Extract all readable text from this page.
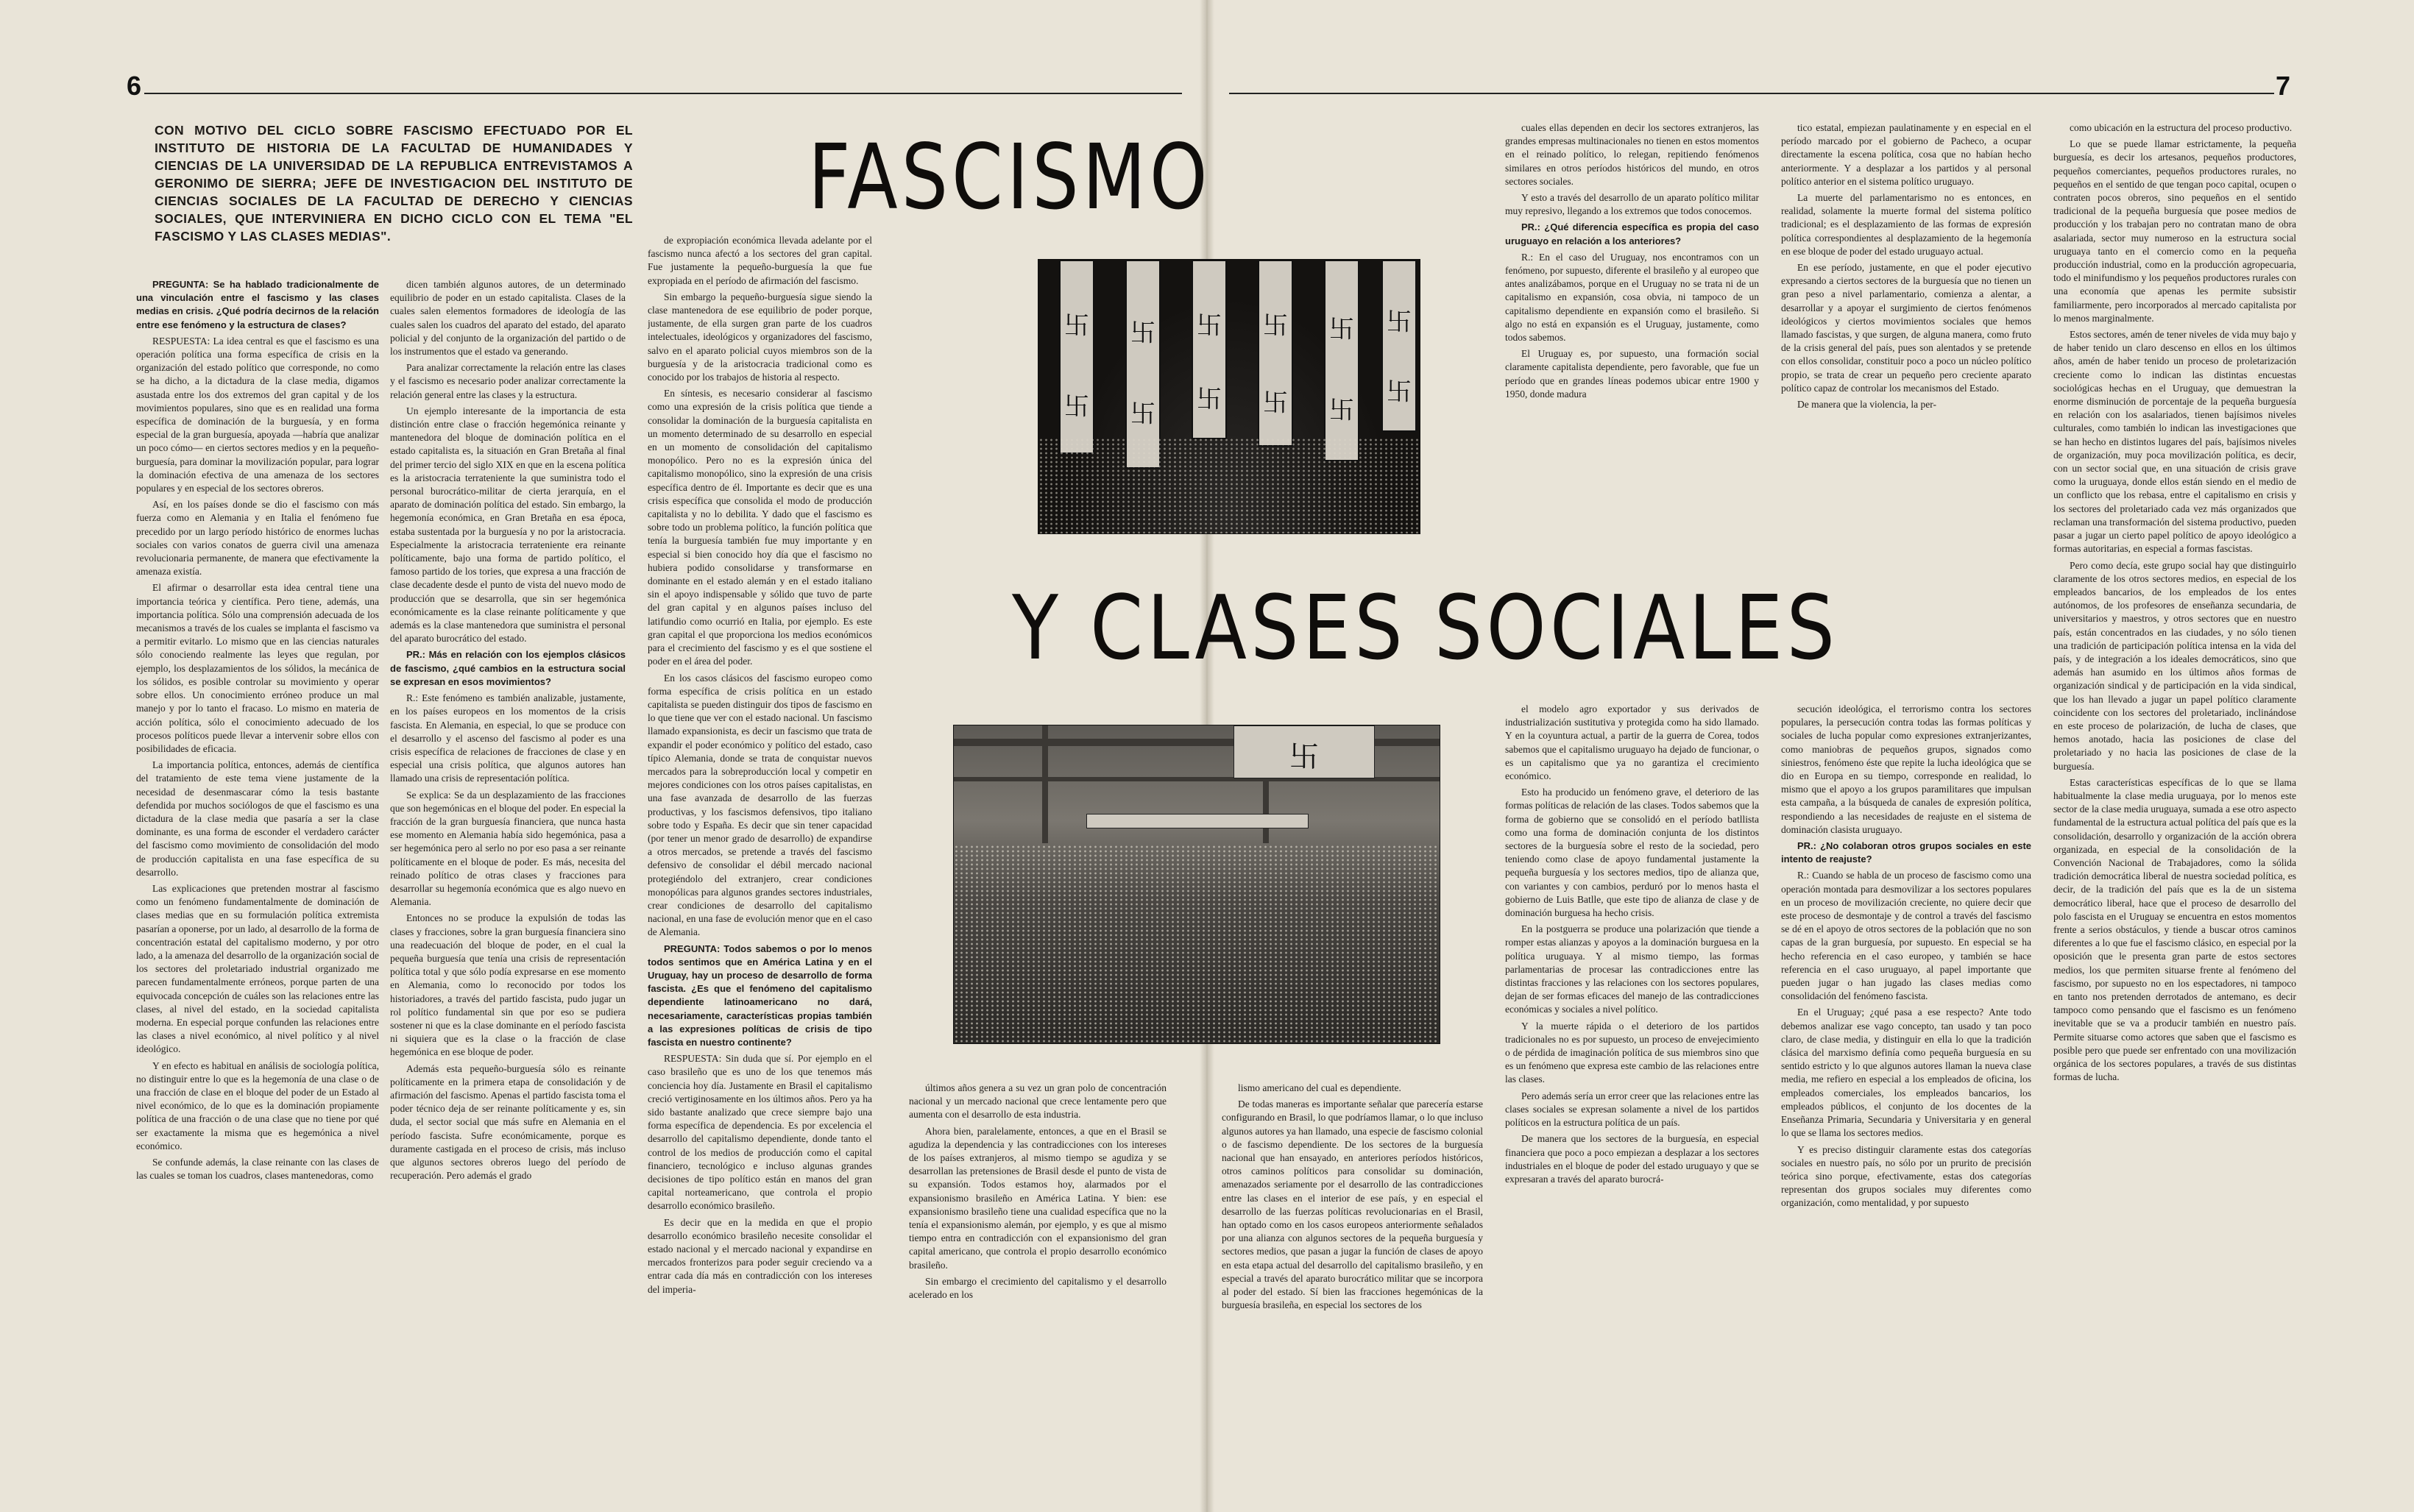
6	7
CON MOTIVO DEL CICLO SOBRE FASCISMO EFECTUADO POR EL INSTITUTO DE HISTORIA DE LA FACULTAD DE HUMANIDADES Y CIENCIAS DE LA UNIVERSIDAD DE LA REPUBLICA ENTREVISTAMOS A GERONIMO DE SIERRA; JEFE DE INVESTIGACION DEL INSTITUTO DE CIENCIAS SOCIALES DE LA FACULTAD DE DERECHO Y CIENCIAS SOCIALES, QUE INTERVINIERA EN DICHO CICLO CON EL TEMA "EL FASCISMO Y LAS CLASES MEDIAS".
FASCISMO
Y CLASES SOCIALES
卐
卐
卐
卐
卐
卐
卐
卐
卐
卐
卐
卐
卐

PREGUNTA: Se ha hablado tradicionalmente de una vinculación entre el fascismo y las clases medias en crisis. ¿Qué podría decirnos de la relación entre ese fenómeno y la estructura de clases?

RESPUESTA: La idea central es que el fascismo es una operación política una forma específica de crisis en la organización del estado político que corresponde, no como se ha dicho, a la dictadura de la clase media, digamos asustada entre los dos extremos del gran capital y de los movimientos populares, sino que es en realidad una forma específica de dominación de la burguesía, y en forma especial de la gran burguesía, apoyada —habría que analizar un poco cómo— en ciertos sectores medios y en la pequeño-burguesía, para dominar la movilización popular, para lograr la dominación efectiva de una amenaza de los sectores populares y en especial de los sectores obreros.

Así, en los países donde se dio el fascismo con más fuerza como en Alemania y en Italia el fenómeno fue precedido por un largo período histórico de enormes luchas sociales con varios conatos de guerra civil una amenaza revolucionaria permanente, de manera que efectivamente la amenaza existía.

El afirmar o desarrollar esta idea central tiene una importancia teórica y científica. Pero tiene, además, una importancia política. Sólo una comprensión adecuada de los mecanismos a través de los cuales se implanta el fascismo va a permitir evitarlo. Lo mismo que en las ciencias naturales sólo conociendo realmente las leyes que regulan, por ejemplo, los desplazamientos de los sólidos, la mecánica de los sólidos, es posible controlar su movimiento y operar sobre ellos. Un conocimiento erróneo produce un mal manejo y por lo tanto el fracaso. Lo mismo en materia de acción política, sólo el conocimiento adecuado de los procesos políticos puede llevar a intervenir sobre ellos con posibilidades de eficacia.

La importancia política, entonces, además de científica del tratamiento de este tema viene justamente de la necesidad de desenmascarar cómo la tesis bastante defendida por muchos sociólogos de que el fascismo es una dictadura de la clase media que pasaría a ser la clase dominante, es una forma de esconder el verdadero carácter del fascismo como movimiento de consolidación del modo de producción capitalista en una fase específica de su desarrollo.

Las explicaciones que pretenden mostrar al fascismo como un fenómeno fundamentalmente de dominación de clases medias que en su formulación política extremista pasarían a oponerse, por un lado, al desarrollo de la forma de concentración estatal del capitalismo moderno, y por otro lado, a la amenaza del desarrollo de la organización social de los sectores del proletariado industrial organizado me parecen fundamentalmente erróneos, porque parten de una equivocada concepción de cuáles son las relaciones entre las clases, al nivel del estado, en la sociedad capitalista moderna. En especial porque confunden las relaciones entre las clases a nivel económico, al nivel político y al nivel ideológico.

Y en efecto es habitual en análisis de sociología política, no distinguir entre lo que es la hegemonía de una clase o de una fracción de clase en el bloque del poder de un Estado al nivel económico, de lo que es la dominación propiamente política de una fracción o de una clase que no tiene por qué ser exactamente la misma que es hegemónica a nivel económico.

Se confunde además, la clase reinante con las clases de las cuales se toman los cuadros, clases mantenedoras, como

dicen también algunos autores, de un determinado equilibrio de poder en un estado capitalista. Clases de la cuales salen elementos formadores de ideología de las cuales salen los cuadros del aparato del estado, del aparato policial y del conjunto de la organización del partido o de los instrumentos que el estado va generando.

Para analizar correctamente la relación entre las clases y el fascismo es necesario poder analizar correctamente la relación general entre las clases y la estructura.

Un ejemplo interesante de la importancia de esta distinción entre clase o fracción hegemónica reinante y mantenedora del bloque de dominación política en el estado capitalista es, la situación en Gran Bretaña al final del primer tercio del siglo XIX en que en la escena política es la aristocracia terrateniente la que suministra todo el personal burocrático-militar de cierta jerarquía, en el aparato de dominación política del estado. Sin embargo, la hegemonía económica, en Gran Bretaña en esa época, estaba sustentada por la burguesía y no por la aristocracia. Especialmente la aristocracia terrateniente era reinante políticamente, bajo una forma de partido político, el famoso partido de los tories, que expresa a una fracción de clase decadente desde el punto de vista del nuevo modo de producción que se desarrolla, que sin ser hegemónica económicamente es la clase reinante políticamente y que además es la clase mantenedora que suministra el personal del aparato burocrático del estado.

PR.: Más en relación con los ejemplos clásicos de fascismo, ¿qué cambios en la estructura social se expresan en esos movimientos?

R.: Este fenómeno es también analizable, justamente, en los países europeos en los momentos de la crisis fascista. En Alemania, en especial, lo que se produce con el desarrollo y el ascenso del fascismo al poder es una crisis específica de relaciones de fracciones de clase y en especial una crisis política, que algunos autores han llamado una crisis de representación política.

Se explica: Se da un desplazamiento de las fracciones que son hegemónicas en el bloque del poder. En especial la fracción de la gran burguesía financiera, que nunca hasta ese momento en Alemania había sido hegemónica, pasa a ser hegemónica pero al serlo no por eso pasa a ser reinante políticamente en el bloque de poder. Es más, necesita del reinado político de otras clases y fracciones para desarrollar su hegemonía económica que es algo nuevo en Alemania.

Entonces no se produce la expulsión de todas las clases y fracciones, sobre la gran burguesía financiera sino una readecuación del bloque de poder, en el cual la pequeña burguesía que tenía una crisis de representación política total y que sólo podía expresarse en ese momento en Alemania, como lo reconocido por todos los historiadores, a través del partido fascista, pudo jugar un rol político fundamental sin que por eso se pudiera sostener ni que es la clase dominante en el período fascista ni siquiera que es la clase o la fracción de clase hegemónica en ese bloque de poder.

Además esta pequeño-burguesía sólo es reinante políticamente en la primera etapa de consolidación y de afirmación del fascismo. Apenas el partido fascista toma el poder técnico deja de ser reinante políticamente y es, sin duda, el sector social que más sufre en Alemania en el período fascista. Sufre económicamente, porque es duramente castigada en el proceso de crisis, más incluso que algunos sectores obreros luego del período de recuperación. Pero además el grado

de expropiación económica llevada adelante por el fascismo nunca afectó a los sectores del gran capital. Fue justamente la pequeño-burguesía la que fue expropiada en el período de afirmación del fascismo.

Sin embargo la pequeño-burguesía sigue siendo la clase mantenedora de ese equilibrio de poder porque, justamente, de ella surgen gran parte de los cuadros intelectuales, ideológicos y organizadores del fascismo, salvo en el aparato policial cuyos miembros son de la burguesía y de la aristocracia tradicional como es conocido por los trabajos de historia al respecto.

En síntesis, es necesario considerar al fascismo como una expresión de la crisis política que tiende a consolidar la dominación de la burguesía capitalista en un momento determinado de su desarrollo en especial en un momento de consolidación del capitalismo monopólico. Pero no es la expresión única del capitalismo monopólico, sino la expresión de una crisis específica dentro de él. Importante es decir que es una crisis específica que consolida el modo de producción capitalista y no lo debilita. Y dado que el fascismo es sobre todo un problema político, la función política que tenía la burguesía también fue muy importante y en especial si bien conocido hoy día que el fascismo no hubiera podido consolidarse y transformarse en dominante en el estado alemán y en el estado italiano sin el apoyo indispensable y sólido que tuvo de parte del gran capital y en algunos países incluso del latifundio como ocurrió en Italia, por ejemplo. Es este gran capital el que proporciona los medios económicos para el crecimiento del fascismo y es el que sostiene el poder en el área del poder.

En los casos clásicos del fascismo europeo como forma específica de crisis política en un estado capitalista se pueden distinguir dos tipos de fascismo en lo que tiene que ver con el estado nacional. Un fascismo llamado expansionista, es decir un fascismo que trata de expandir el poder económico y político del estado, caso típico Alemania, donde se trata de conquistar nuevos mercados para la sobreproducción local y competir en mejores condiciones con los otros países capitalistas, en una fase avanzada de desarrollo de las fuerzas productivas, y los fascismos defensivos, tipo italiano sobre todo y España. Es decir que sin tener capacidad (por tener un menor grado de desarrollo) de expandirse a otros mercados, se pretende a través del fascismo defensivo de consolidar el débil mercado nacional protegiéndolo del extranjero, crear condiciones monopólicas para algunos grandes sectores industriales, crear condiciones de desarrollo del capitalismo nacional, en una fase de evolución menor que en el caso de Alemania.

PREGUNTA: Todos sabemos o por lo menos todos sentimos que en América Latina y en el Uruguay, hay un proceso de desarrollo de forma fascista. ¿Es que el fenómeno del capitalismo dependiente latinoamericano no dará, necesariamente, características propias también a las expresiones políticas de crisis de tipo fascista en nuestro continente?

RESPUESTA: Sin duda que sí. Por ejemplo en el caso brasileño que es uno de los que tenemos más conciencia hoy día. Justamente en Brasil el capitalismo creció vertiginosamente en los últimos años. Pero ya ha sido bastante analizado que crece siempre bajo una forma específica de dependencia. Es por excelencia el desarrollo del capitalismo dependiente, donde tanto el control de los medios de producción como el capital financiero, tecnológico e incluso algunas grandes decisiones de tipo político están en manos del gran capital norteamericano, que controla el propio desarrollo económico brasileño.

Es decir que en la medida en que el propio desarrollo económico brasileño necesite consolidar el estado nacional y el mercado nacional y expandirse en mercados fronterizos para poder seguir creciendo va a entrar cada día más en contradicción con los intereses del imperia-

últimos años genera a su vez un gran polo de concentración nacional y un mercado nacional que crece lentamente pero que aumenta con el desarrollo de esta industria.

Ahora bien, paralelamente, entonces, a que en el Brasil se agudiza la dependencia y las contradicciones con los intereses de los países extranjeros, al mismo tiempo se agudiza y se desarrollan las pretensiones de Brasil desde el punto de vista de su expansión. Todos estamos hoy, alarmados por el expansionismo brasileño en América Latina. Y bien: ese expansionismo brasileño tiene una cualidad específica que no la tenía el expansionismo alemán, por ejemplo, y es que al mismo tiempo entra en contradicción con el expansionismo del gran capital americano, que controla el propio desarrollo económico brasileño.

Sin embargo el crecimiento del capitalismo y el desarrollo acelerado en los

lismo americano del cual es dependiente.

De todas maneras es importante señalar que parecería estarse configurando en Brasil, lo que podríamos llamar, o lo que incluso algunos autores ya han llamado, una especie de fascismo colonial o de fascismo dependiente. De los sectores de la burguesía nacional que han ensayado, en anteriores períodos históricos, otros caminos políticos para consolidar su dominación, amenazados seriamente por el desarrollo de las contradicciones entre las clases en el interior de ese país, y en especial el desarrollo de las fuerzas políticas revolucionarias en el Brasil, han optado como en los casos europeos anteriormente señalados por una alianza con algunos sectores de la pequeña burguesía y sectores medios, que pasan a jugar la función de clases de apoyo en esta etapa actual del desarrollo del capitalismo brasileño, y en especial a través del aparato burocrático militar que se incorpora al poder del estado. Sí bien las fracciones hegemónicas de la burguesía brasileña, en especial los sectores de los

cuales ellas dependen en decir los sectores extranjeros, las grandes empresas multinacionales no tienen en estos momentos en el reinado político, lo relegan, repitiendo fenómenos similares en otros períodos históricos del mundo, en otros sectores sociales.

Y esto a través del desarrollo de un aparato político militar muy represivo, llegando a los extremos que todos conocemos.

PR.: ¿Qué diferencia específica es propia del caso uruguayo en relación a los anteriores?

R.: En el caso del Uruguay, nos encontramos con un fenómeno, por supuesto, diferente el brasileño y al europeo que antes analizábamos, porque en el Uruguay no se trata ni de un capitalismo en expansión, cosa obvia, ni tampoco de un capitalismo dependiente en expansión como el brasileño. Si algo no está en expansión es el Uruguay, justamente, como todos sabemos.

El Uruguay es, por supuesto, una formación social claramente capitalista dependiente, pero favorable, que fue un período que en grandes líneas podemos ubicar entre 1900 y 1950, donde madura

el modelo agro exportador y sus derivados de industrialización sustitutiva y protegida como ha sido llamado. Y en la coyuntura actual, a partir de la guerra de Corea, todos sabemos que el capitalismo uruguayo ha dejado de funcionar, o es un capitalismo que ya no garantiza el crecimiento económico.

Esto ha producido un fenómeno grave, el deterioro de las formas políticas de relación de las clases. Todos sabemos que la forma de gobierno que se consolidó en el período batllista como una forma de dominación conjunta de los distintos sectores de la burguesía sobre el resto de la sociedad, pero teniendo como clase de apoyo fundamental justamente la pequeña burguesía y los sectores medios, tipo de alianza que, con variantes y con cambios, perduró por lo menos hasta el gobierno de Luis Batlle, que este tipo de alianza de clase y de dominación burguesa ha hecho crisis.

En la postguerra se produce una polarización que tiende a romper estas alianzas y apoyos a la dominación burguesa en la política uruguaya. Y al mismo tiempo, las formas parlamentarias de procesar las contradicciones entre las distintas fracciones y las relaciones con los sectores populares, dejan de ser formas eficaces del manejo de las contradicciones económicas y sociales a nivel político.

Y la muerte rápida o el deterioro de los partidos tradicionales no es por supuesto, un proceso de envejecimiento o de pérdida de imaginación política de sus miembros sino que es un fenómeno que expresa este cambio de las relaciones entre las clases.

Pero además sería un error creer que las relaciones entre las clases sociales se expresan solamente a nivel de los partidos políticos en la estructura política de un país.

De manera que los sectores de la burguesía, en especial financiera que poco a poco empiezan a desplazar a los sectores industriales en el bloque de poder del estado uruguayo y que se expresaran a través del aparato burocrá-

tico estatal, empiezan paulatinamente y en especial en el período marcado por el gobierno de Pacheco, a ocupar directamente la escena política, cosa que no habían hecho anteriormente. Y a desplazar a los partidos y al personal político anterior en el sistema político uruguayo.

La muerte del parlamentarismo no es entonces, en realidad, solamente la muerte formal del sistema político tradicional; es el desplazamiento de las formas de expresión política correspondientes al desplazamiento de la hegemonía en ese bloque de poder del estado uruguayo actual.

En ese período, justamente, en que el poder ejecutivo expresando a ciertos sectores de la burguesía que no tienen un gran peso a nivel parlamentario, comienza a alentar, a desarrollar y a apoyar el surgimiento de ciertos fenómenos ideológicos y ciertos movimientos sociales que hemos llamado fascistas, y que surgen, de alguna manera, como fruto de la crisis general del país, pues son alentados y se pretende con ellos consolidar, constituir poco a poco un núcleo político propio, se trata de crear un pequeño pero creciente aparato político capaz de controlar los mecanismos del Estado.

De manera que la violencia, la per-

secución ideológica, el terrorismo contra los sectores populares, la persecución contra todas las formas políticas y sociales de lucha popular como expresiones extranjerizantes, como maniobras de pequeños grupos, signados como siniestros, fenómeno éste que repite la lucha ideológica que se dio en Europa en su tiempo, corresponde en realidad, lo mismo que el apoyo a los grupos paramilitares que impulsan esta campaña, a la búsqueda de canales de expresión política, respondiendo a las necesidades de reajuste en el sistema de dominación clasista uruguayo.

PR.: ¿No colaboran otros grupos sociales en este intento de reajuste?

R.: Cuando se habla de un proceso de fascismo como una operación montada para desmovilizar a los sectores populares en un proceso de movilización creciente, no quiere decir que este proceso de desmontaje y de control a través del fascismo se dé en el apoyo de otros sectores de la población que no son capas de la gran burguesía, por supuesto. En especial se ha hecho referencia en el caso europeo, y también se hace referencia en el caso uruguayo, al papel importante que pueden jugar o han jugado las clases medias como consolidación del fenómeno fascista.

En el Uruguay; ¿qué pasa a ese respecto? Ante todo debemos analizar ese vago concepto, tan usado y tan poco claro, de clase media, y distinguir en ella lo que la tradición clásica del marxismo definía como pequeña burguesía en su sentido estricto y lo que algunos autores llaman la nueva clase media, me refiero en especial a los empleados de oficina, los empleados comerciales, los empleados bancarios, los empleados públicos, el conjunto de los docentes de la Enseñanza Primaria, Secundaria y Universitaria y en general lo que se llama los sectores medios.

Y es preciso distinguir claramente estas dos categorías sociales en nuestro país, no sólo por un prurito de precisión teórica sino porque, efectivamente, estas dos categorías representan dos grupos sociales muy diferentes como organización, como mentalidad, y por supuesto

como ubicación en la estructura del proceso productivo.

Lo que se puede llamar estrictamente, la pequeña burguesía, es decir los artesanos, pequeños productores, pequeños comerciantes, pequeños productores rurales, no pequeños en el sentido de que tengan poco capital, ocupen o contraten pocos obreros, sino pequeños en el sentido tradicional de la pequeña burguesía que posee medios de producción y los trabajan pero no contratan mano de obra asalariada, sector muy numeroso en la estructura social uruguaya tanto en el comercio como en la pequeña producción industrial, como en la producción agropecuaria, todo el minifundismo y los pequeños productores rurales con una economía que apenas les permite subsistir familiarmente, pero incorporados al mercado capitalista por lo menos marginalmente.

Estos sectores, amén de tener niveles de vida muy bajo y de haber tenido un claro descenso en ellos en los últimos años, amén de haber tenido un proceso de proletarización creciente como lo indican las distintas encuestas sociológicas hechas en el Uruguay, que demuestran la enorme disminución de porcentaje de la pequeña burguesía en relación con los asalariados, tienen bajísimos niveles culturales, como también lo indican las investigaciones que se han hecho en distintos lugares del país, bajísimos niveles de organización, muy poca movilización política, es decir, con un sector social que, en una situación de crisis grave como la uruguaya, donde ellos están siendo en el medio de un conflicto que los rebasa, entre el capitalismo en crisis y los sectores del proletariado cada vez más organizados que reclaman una transformación del sistema productivo, pueden pasar a jugar un cierto papel político de apoyo ideológico a formas autoritarias, en especial a formas fascistas.

Pero como decía, este grupo social hay que distinguirlo claramente de los otros sectores medios, en especial de los empleados bancarios, de los empleados de los entes autónomos, de los profesores de enseñanza secundaria, de universitarios y maestros, y otros sectores que en nuestro país, están concentrados en las ciudades, y no sólo tienen una tradición de participación política intensa en la vida del país, y de integración a los ideales democráticos, sino que además han asumido en los últimos años formas de organización sindical y de participación en la vida sindical, que los han llevado a jugar un papel político claramente coincidente con los sectores del proletariado, inclinándose en este proceso de polarización, de lucha de clases, que hemos anotado, hacia las posiciones de clase del proletariado y no hacia las posiciones de clase de la burguesía.

Estas características específicas de lo que se llama habitualmente la clase media uruguaya, por lo menos este sector de la clase media uruguaya, sumada a ese otro aspecto fundamental de la estructura actual política del país que es la consolidación, desarrollo y organización de la acción obrera organizada, en especial de la consolidación de la Convención Nacional de Trabajadores, como la sólida tradición democrática liberal de nuestra sociedad política, es decir, de la tradición del país que es la de un sistema democrático liberal, hace que el proceso de desarrollo del polo fascista en el Uruguay se encuentra en estos momentos frente a serios obstáculos, y tiende a buscar otros caminos diferentes a lo que fue el fascismo clásico, en especial por la oposición que le presenta gran parte de estos sectores medios, los que permiten situarse frente al fenómeno del fascismo, por supuesto no en los espectadores, ni tampoco en tanto nos pretenden derrotados de antemano, es decir tampoco como pensando que el fascismo es un fenómeno inevitable que se va a producir también en nuestro país. Permite situarse como actores que saben que el fascismo es posible pero que puede ser enfrentado con una movilización orgánica de los sectores populares, a través de sus distintas formas de lucha.
